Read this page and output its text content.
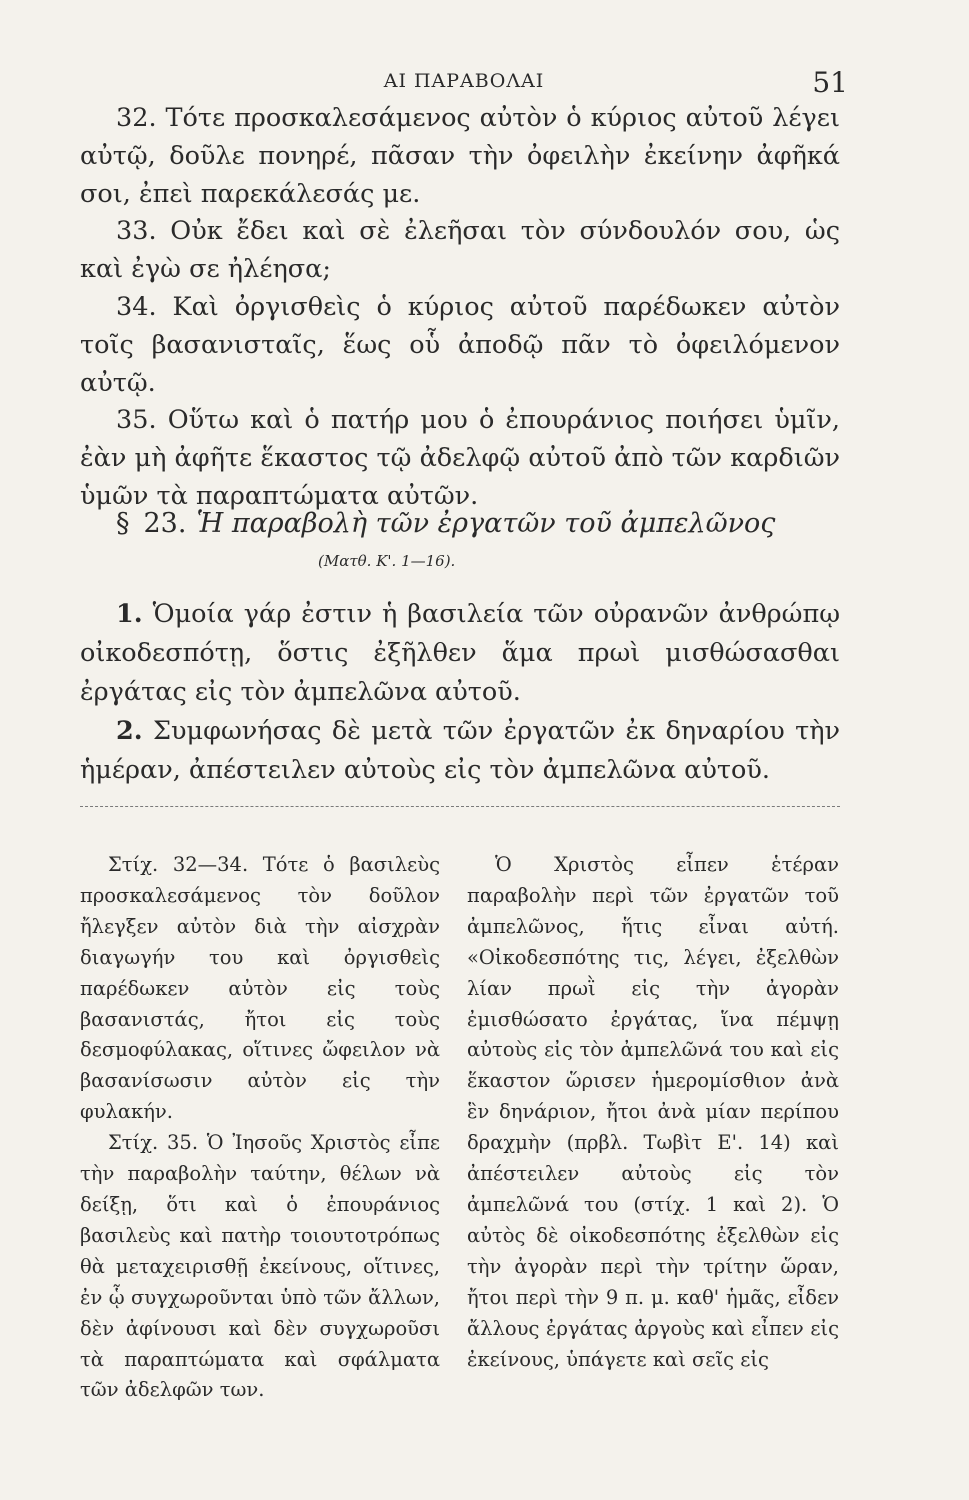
ΑΙ ΠΑΡΑΒΟΛΑΙ	51

32. Τότε προσκαλεσάμενος αὐτὸν ὁ κύριος αὐτοῦ λέγει αὐτῷ, δοῦλε πονηρέ, πᾶσαν τὴν ὀφειλὴν ἐκείνην ἀφῆκά σοι, ἐπεὶ παρεκάλεσάς με.

33. Οὐκ ἔδει καὶ σὲ ἐλεῆσαι τὸν σύνδουλόν σου, ὡς καὶ ἐγὼ σε ἠλέησα;

34. Καὶ ὀργισθεὶς ὁ κύριος αὐτοῦ παρέδωκεν αὐτὸν τοῖς βασανισταῖς, ἕως οὗ ἀποδῷ πᾶν τὸ ὀφειλόμενον αὐτῷ.

35. Οὕτω καὶ ὁ πατήρ μου ὁ ἐπουράνιος ποιήσει ὑμῖν, ἐὰν μὴ ἀφῆτε ἕκαστος τῷ ἀδελφῷ αὐτοῦ ἀπὸ τῶν καρδιῶν ὑμῶν τὰ παραπτώματα αὐτῶν.

§ 23. Ἡ παραβολὴ τῶν ἐργατῶν τοῦ ἀμπελῶνος
(Ματθ. Κ'. 1—16).

1. Ὁμοία γάρ ἐστιν ἡ βασιλεία τῶν οὐρανῶν ἀνθρώπῳ οἰκοδεσπότῃ, ὅστις ἐξῆλθεν ἅμα πρωὶ μισθώσασθαι ἐργάτας εἰς τὸν ἀμπελῶνα αὐτοῦ.

2. Συμφωνήσας δὲ μετὰ τῶν ἐργατῶν ἐκ δηναρίου τὴν ἡμέραν, ἀπέστειλεν αὐτοὺς εἰς τὸν ἀμπελῶνα αὐτοῦ.

Στίχ. 32—34. Τότε ὁ βασιλεὺς προσκαλεσάμενος τὸν δοῦλον ἤλεγξεν αὐτὸν διὰ τὴν αἰσχρὰν διαγωγήν του καὶ ὀργισθεὶς παρέδωκεν αὐτὸν εἰς τοὺς βασανιστάς, ἤτοι εἰς τοὺς δεσμοφύλακας, οἵτινες ὤφειλον νὰ βασανίσωσιν αὐτὸν εἰς τὴν φυλακήν.

Στίχ. 35. Ὁ Ἰησοῦς Χριστὸς εἶπε τὴν παραβολὴν ταύτην, θέλων νὰ δείξῃ, ὅτι καὶ ὁ ἐπουράνιος βασιλεὺς καὶ πατὴρ τοιουτοτρόπως θὰ μεταχειρισθῇ ἐκείνους, οἵτινες, ἐν ᾧ συγχωροῦνται ὑπὸ τῶν ἄλλων, δὲν ἀφίνουσι καὶ δὲν συγχωροῦσι τὰ παραπτώματα καὶ σφάλματα τῶν ἀδελφῶν των.

Ὁ Χριστὸς εἶπεν ἑτέραν παραβολὴν περὶ τῶν ἐργατῶν τοῦ ἀμπελῶνος, ἥτις εἶναι αὐτή. «Οἰκοδεσπότης τις, λέγει, ἐξελθὼν λίαν πρωῒ εἰς τὴν ἀγορὰν ἐμισθώσατο ἐργάτας, ἵνα πέμψῃ αὐτοὺς εἰς τὸν ἀμπελῶνά του καὶ εἰς ἕκαστον ὥρισεν ἡμερομίσθιον ἀνὰ ἓν δηνάριον, ἤτοι ἀνὰ μίαν περίπου δραχμὴν (πρβλ. Τωβὶτ Ε'. 14) καὶ ἀπέστειλεν αὐτοὺς εἰς τὸν ἀμπελῶνά του (στίχ. 1 καὶ 2). Ὁ αὐτὸς δὲ οἰκοδεσπότης ἐξελθὼν εἰς τὴν ἀγορὰν περὶ τὴν τρίτην ὥραν, ἤτοι περὶ τὴν 9 π. μ. καθ' ἡμᾶς, εἶδεν ἄλλους ἐργάτας ἀργοὺς καὶ εἶπεν εἰς ἐκείνους, ὑπάγετε καὶ σεῖς εἰς
